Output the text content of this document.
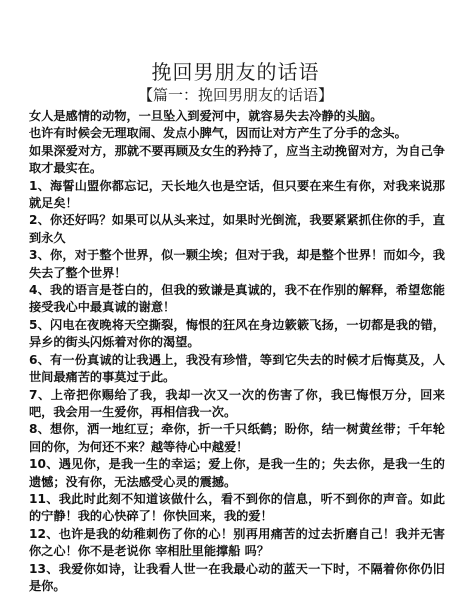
挽回男朋友的话语
【篇一：挽回男朋友的话语】

女人是感情的动物，一旦坠入到爱河中，就容易失去冷静的头脑。

也许有时候会无理取闹、发点小脾气，因而让对方产生了分手的念头。

如果深爱对方，那就不要再顾及女生的矜持了，应当主动挽留对方，为自己争取才最实在。

1、海誓山盟你都忘记，天长地久也是空话，但只要在来生有你，对我来说那就足矣！

2、你还好吗？如果可以从头来过，如果时光倒流，我要紧紧抓住你的手，直到永久

3、你，对于整个世界，似一颗尘埃；但对于我，却是整个世界！而如今，我失去了整个世界！

4、我的语言是苍白的，但我的致谦是真诚的，我不在作别的解释，希望您能接受我心中最真诚的谢意！

5、闪电在夜晚将天空撕裂，悔恨的狂风在身边簌簌飞扬，一切都是我的错，异乡的街头闪烁着对你的渴望。

6、有一份真诚的让我遇上，我没有珍惜，等到它失去的时候才后悔莫及，人世间最痛苦的事莫过于此。

7、上帝把你赐给了我，我却一次又一次的伤害了你，我已悔恨万分，回来吧，我会用一生爱你，再相信我一次。

8、想你，洒一地红豆；牵你，折一千只纸鹤；盼你，结一树黄丝带；千年轮回的你，为何还不来？越等待心中越爱！

10、遇见你，是我一生的幸运；爱上你，是我一生的；失去你，是我一生的遗憾；没有你，无法感受心灵的震撼。

11、我此时此刻不知道该做什么，看不到你的信息，听不到你的声音。如此的宁静！我的心快碎了！你快回来，我的爱！

12、也许是我的幼稚刺伤了你的心！别再用痛苦的过去折磨自己！我并无害你之心！你不是老说你 宰相肚里能撑船 吗？

13、我爱你如诗，让我看人世一在我最心动的蓝天一下时，不隔着你你仍旧是你。
